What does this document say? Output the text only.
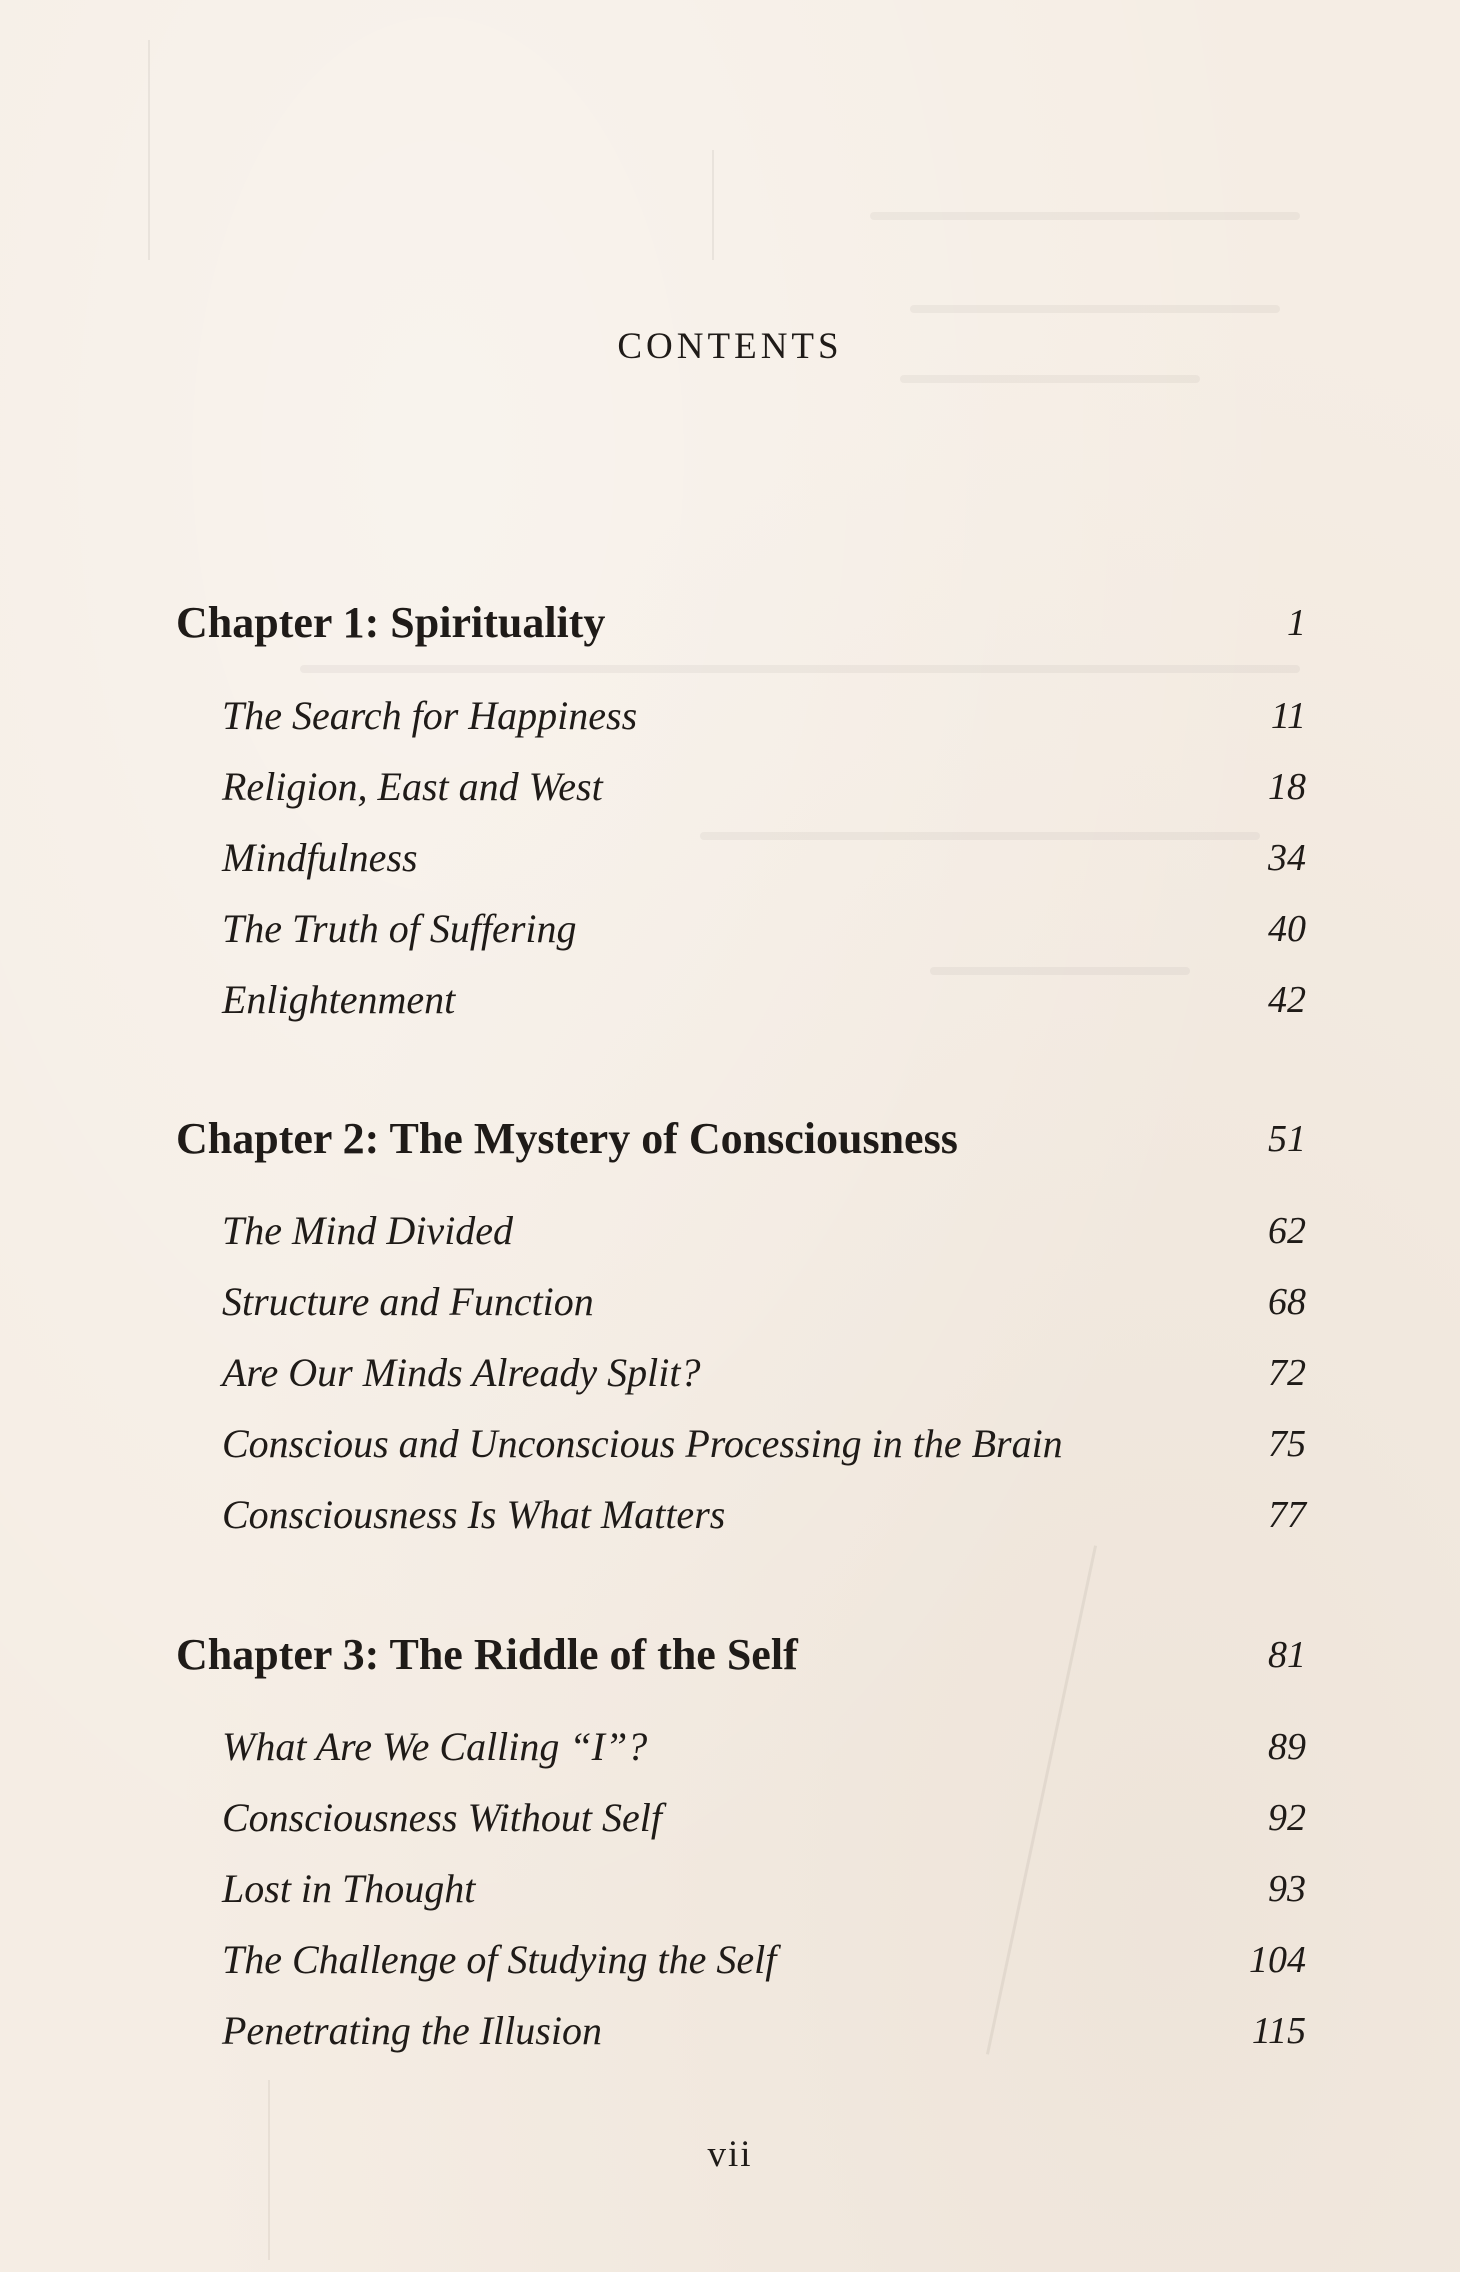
CONTENTS
Chapter 1: Spirituality	1
The Search for Happiness	11
Religion, East and West	18
Mindfulness	34
The Truth of Suffering	40
Enlightenment	42
Chapter 2: The Mystery of Consciousness	51
The Mind Divided	62
Structure and Function	68
Are Our Minds Already Split?	72
Conscious and Unconscious Processing in the Brain	75
Consciousness Is What Matters	77
Chapter 3: The Riddle of the Self	81
What Are We Calling “I”?	89
Consciousness Without Self	92
Lost in Thought	93
The Challenge of Studying the Self	104
Penetrating the Illusion	115
vii
